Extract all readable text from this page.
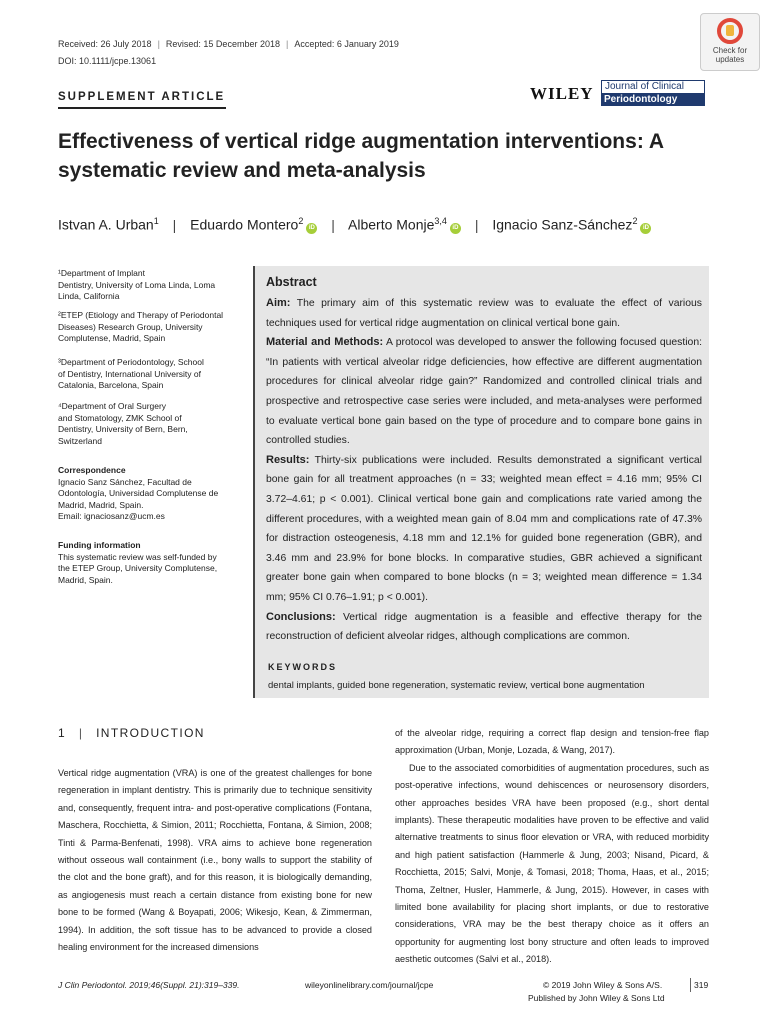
Received: 26 July 2018 | Revised: 15 December 2018 | Accepted: 6 January 2019
DOI: 10.1111/jcpe.13061
SUPPLEMENT ARTICLE
Check for
updates
WILEY	Journal of Clinical
Periodontology
Effectiveness of vertical ridge augmentation interventions: A systematic review and meta-analysis
Istvan A. Urban$^1$ | Eduardo Montero$^2$iD | Alberto Monje$^{3,4}$iD | Ignacio Sanz-Sánchez$^2$iD
¹Department of Implant
Dentistry, University of Loma Linda, Loma
Linda, California
²ETEP (Etiology and Therapy of Periodontal
Diseases) Research Group, University
Complutense, Madrid, Spain
³Department of Periodontology, School
of Dentistry, International University of
Catalonia, Barcelona, Spain
⁴Department of Oral Surgery
and Stomatology, ZMK School of
Dentistry, University of Bern, Bern,
Switzerland
Correspondence
Ignacio Sanz Sánchez, Facultad de
Odontología, Universidad Complutense de
Madrid, Madrid, Spain.
Email: ignaciosanz@ucm.es
Funding information
This systematic review was self-funded by
the ETEP Group, University Complutense,
Madrid, Spain.
Abstract

Aim: The primary aim of this systematic review was to evaluate the effect of various techniques used for vertical ridge augmentation on clinical vertical bone gain.

Material and Methods: A protocol was developed to answer the following focused question: “In patients with vertical alveolar ridge deficiencies, how effective are different augmentation procedures for clinical alveolar ridge gain?” Randomized and controlled clinical trials and prospective and retrospective case series were included, and meta-analyses were performed to evaluate vertical bone gain based on the type of procedure and to compare bone gains in controlled studies.

Results: Thirty-six publications were included. Results demonstrated a significant vertical bone gain for all treatment approaches (n = 33; weighted mean effect = 4.16 mm; 95% CI 3.72–4.61; p < 0.001). Clinical vertical bone gain and complications rate varied among the different procedures, with a weighted mean gain of 8.04 mm and complications rate of 47.3% for distraction osteogenesis, 4.18 mm and 12.1% for guided bone regeneration (GBR), and 3.46 mm and 23.9% for bone blocks. In comparative studies, GBR achieved a significant greater bone gain when compared to bone blocks (n = 3; weighted mean difference = 1.34 mm; 95% CI 0.76–1.91; p < 0.001).

Conclusions: Vertical ridge augmentation is a feasible and effective therapy for the reconstruction of deficient alveolar ridges, although complications are common.

KEYWORDS
dental implants, guided bone regeneration, systematic review, vertical bone augmentation
1 | INTRODUCTION

Vertical ridge augmentation (VRA) is one of the greatest challenges for bone regeneration in implant dentistry. This is primarily due to technique sensitivity and, consequently, frequent intra- and post-operative complications (Fontana, Maschera, Rocchietta, & Simion, 2011; Rocchietta, Fontana, & Simion, 2008; Tinti & Parma-Benfenati, 1998). VRA aims to achieve bone regeneration without osseous wall containment (i.e., bony walls to support the stability of the clot and the bone graft), and for this reason, it is biologically demanding, as angiogenesis must reach a certain distance from existing bone for new bone to be formed (Wang & Boyapati, 2006; Wikesjo, Kean, & Zimmerman, 1994). In addition, the soft tissue has to be advanced to provide a closed healing environment for the increased dimensions

of the alveolar ridge, requiring a correct flap design and tension-free flap approximation (Urban, Monje, Lozada, & Wang, 2017).

Due to the associated comorbidities of augmentation procedures, such as post-operative infections, wound dehiscences or neurosensory disorders, other approaches besides VRA have been proposed (e.g., short dental implants). These therapeutic modalities have proven to be effective and valid alternative treatments to sinus floor elevation or VRA, with reduced morbidity and high patient satisfaction (Hammerle & Jung, 2003; Nisand, Picard, & Rocchietta, 2015; Salvi, Monje, & Tomasi, 2018; Thoma, Haas, et al., 2015; Thoma, Zeltner, Husler, Hammerle, & Jung, 2015). However, in cases with limited bone availability for placing short implants, or due to restorative considerations, VRA may be the best therapy choice as it offers an opportunity for augmenting lost bony structure and often leads to improved aesthetic outcomes (Salvi et al., 2018).

J Clin Periodontol. 2019;46(Suppl. 21):319–339.	wileyonlinelibrary.com/journal/jcpe	© 2019 John Wiley & Sons A/S.
Published by John Wiley & Sons Ltd
319
